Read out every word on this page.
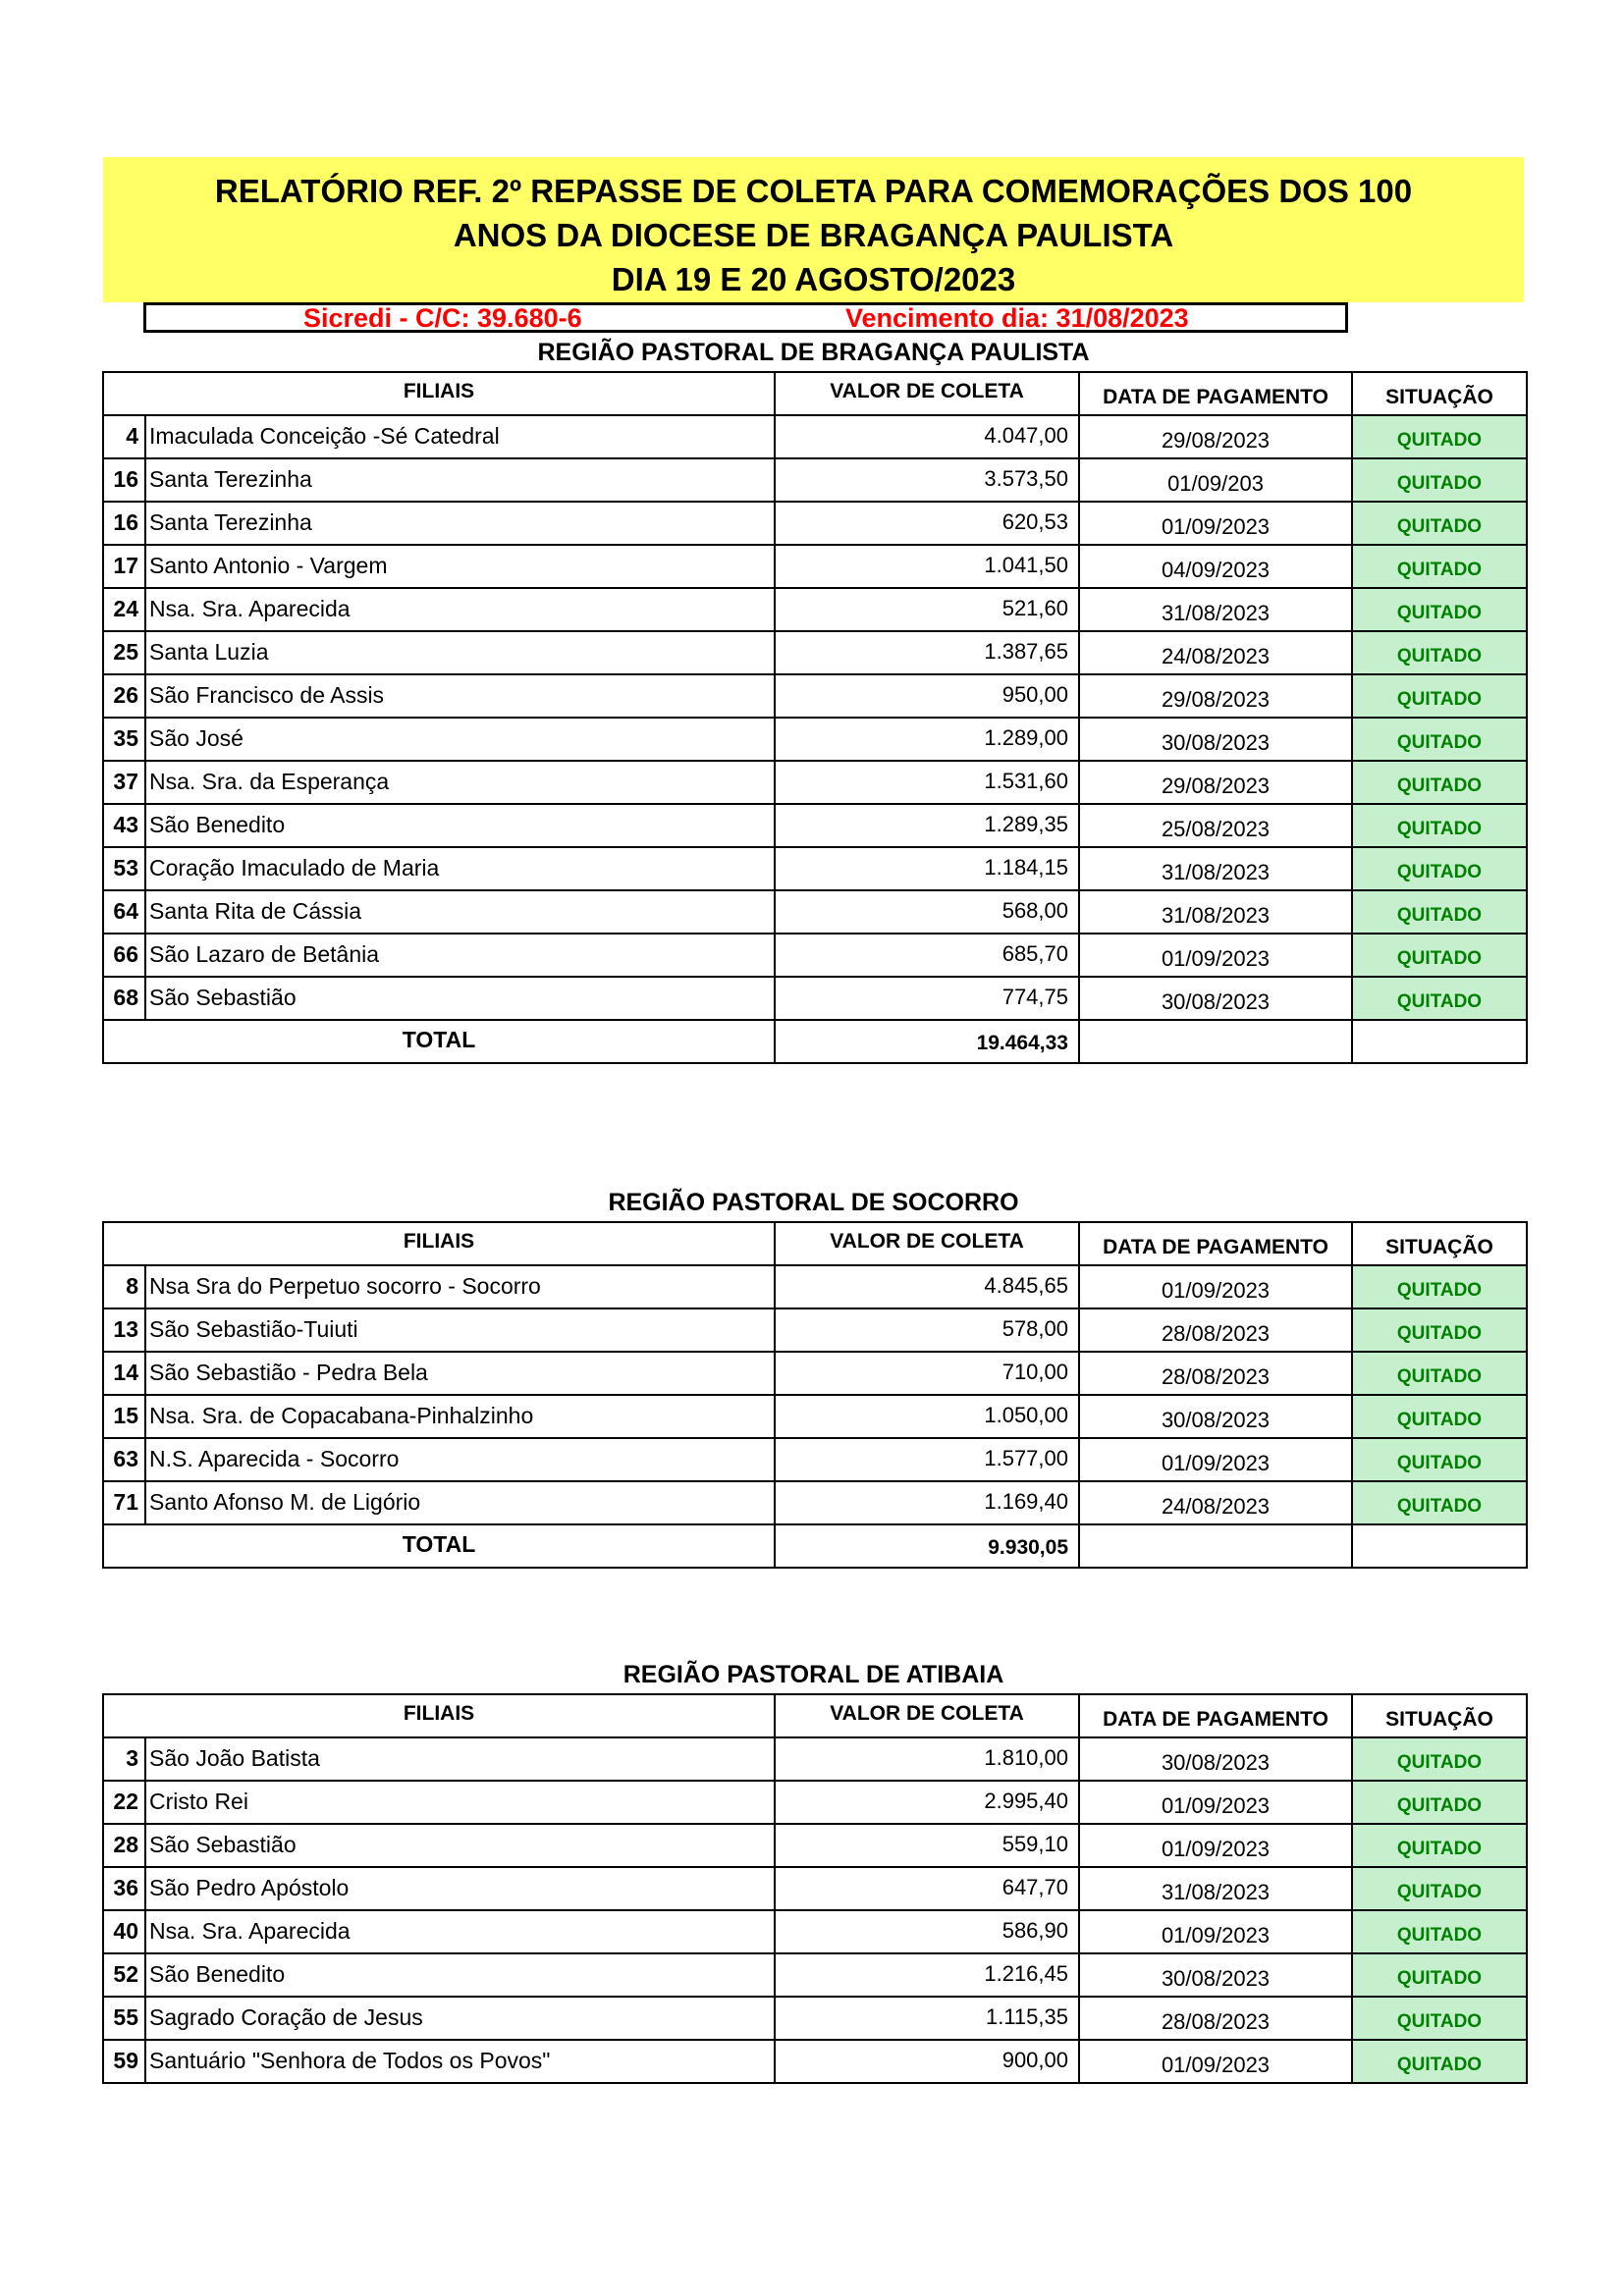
RELATÓRIO REF. 2º REPASSE DE COLETA PARA COMEMORAÇÕES DOS 100
ANOS DA DIOCESE DE BRAGANÇA PAULISTA
DIA 19 E 20 AGOSTO/2023
Sicredi - C/C: 39.680-6	Vencimento dia: 31/08/2023
REGIÃO PASTORAL DE BRAGANÇA PAULISTA
FILIAIS		VALOR DE COLETA	DATA DE PAGAMENTO	SITUAÇÃO
4	Imaculada Conceição -Sé Catedral	4.047,00	29/08/2023	QUITADO
16	Santa Terezinha	3.573,50	01/09/203	QUITADO
16	Santa Terezinha	620,53	01/09/2023	QUITADO
17	Santo Antonio - Vargem	1.041,50	04/09/2023	QUITADO
24	Nsa. Sra. Aparecida	521,60	31/08/2023	QUITADO
25	Santa Luzia	1.387,65	24/08/2023	QUITADO
26	São Francisco de Assis	950,00	29/08/2023	QUITADO
35	São José	1.289,00	30/08/2023	QUITADO
37	Nsa. Sra. da Esperança	1.531,60	29/08/2023	QUITADO
43	São Benedito	1.289,35	25/08/2023	QUITADO
53	Coração Imaculado de Maria	1.184,15	31/08/2023	QUITADO
64	Santa Rita de Cássia	568,00	31/08/2023	QUITADO
66	São Lazaro de Betânia	685,70	01/09/2023	QUITADO
68	São Sebastião	774,75	30/08/2023	QUITADO
TOTAL		19.464,33		
REGIÃO PASTORAL DE SOCORRO
FILIAIS		VALOR DE COLETA	DATA DE PAGAMENTO	SITUAÇÃO
8	Nsa Sra do Perpetuo socorro - Socorro	4.845,65	01/09/2023	QUITADO
13	São Sebastião-Tuiuti	578,00	28/08/2023	QUITADO
14	São Sebastião - Pedra Bela	710,00	28/08/2023	QUITADO
15	Nsa. Sra. de Copacabana-Pinhalzinho	1.050,00	30/08/2023	QUITADO
63	N.S. Aparecida - Socorro	1.577,00	01/09/2023	QUITADO
71	Santo Afonso M. de Ligório	1.169,40	24/08/2023	QUITADO
TOTAL		9.930,05		
REGIÃO PASTORAL DE ATIBAIA
FILIAIS		VALOR DE COLETA	DATA DE PAGAMENTO	SITUAÇÃO
3	São João Batista	1.810,00	30/08/2023	QUITADO
22	Cristo Rei	2.995,40	01/09/2023	QUITADO
28	São Sebastião	559,10	01/09/2023	QUITADO
36	São Pedro Apóstolo	647,70	31/08/2023	QUITADO
40	Nsa. Sra. Aparecida	586,90	01/09/2023	QUITADO
52	São Benedito	1.216,45	30/08/2023	QUITADO
55	Sagrado Coração de Jesus	1.115,35	28/08/2023	QUITADO
59	Santuário "Senhora de Todos os Povos"	900,00	01/09/2023	QUITADO
